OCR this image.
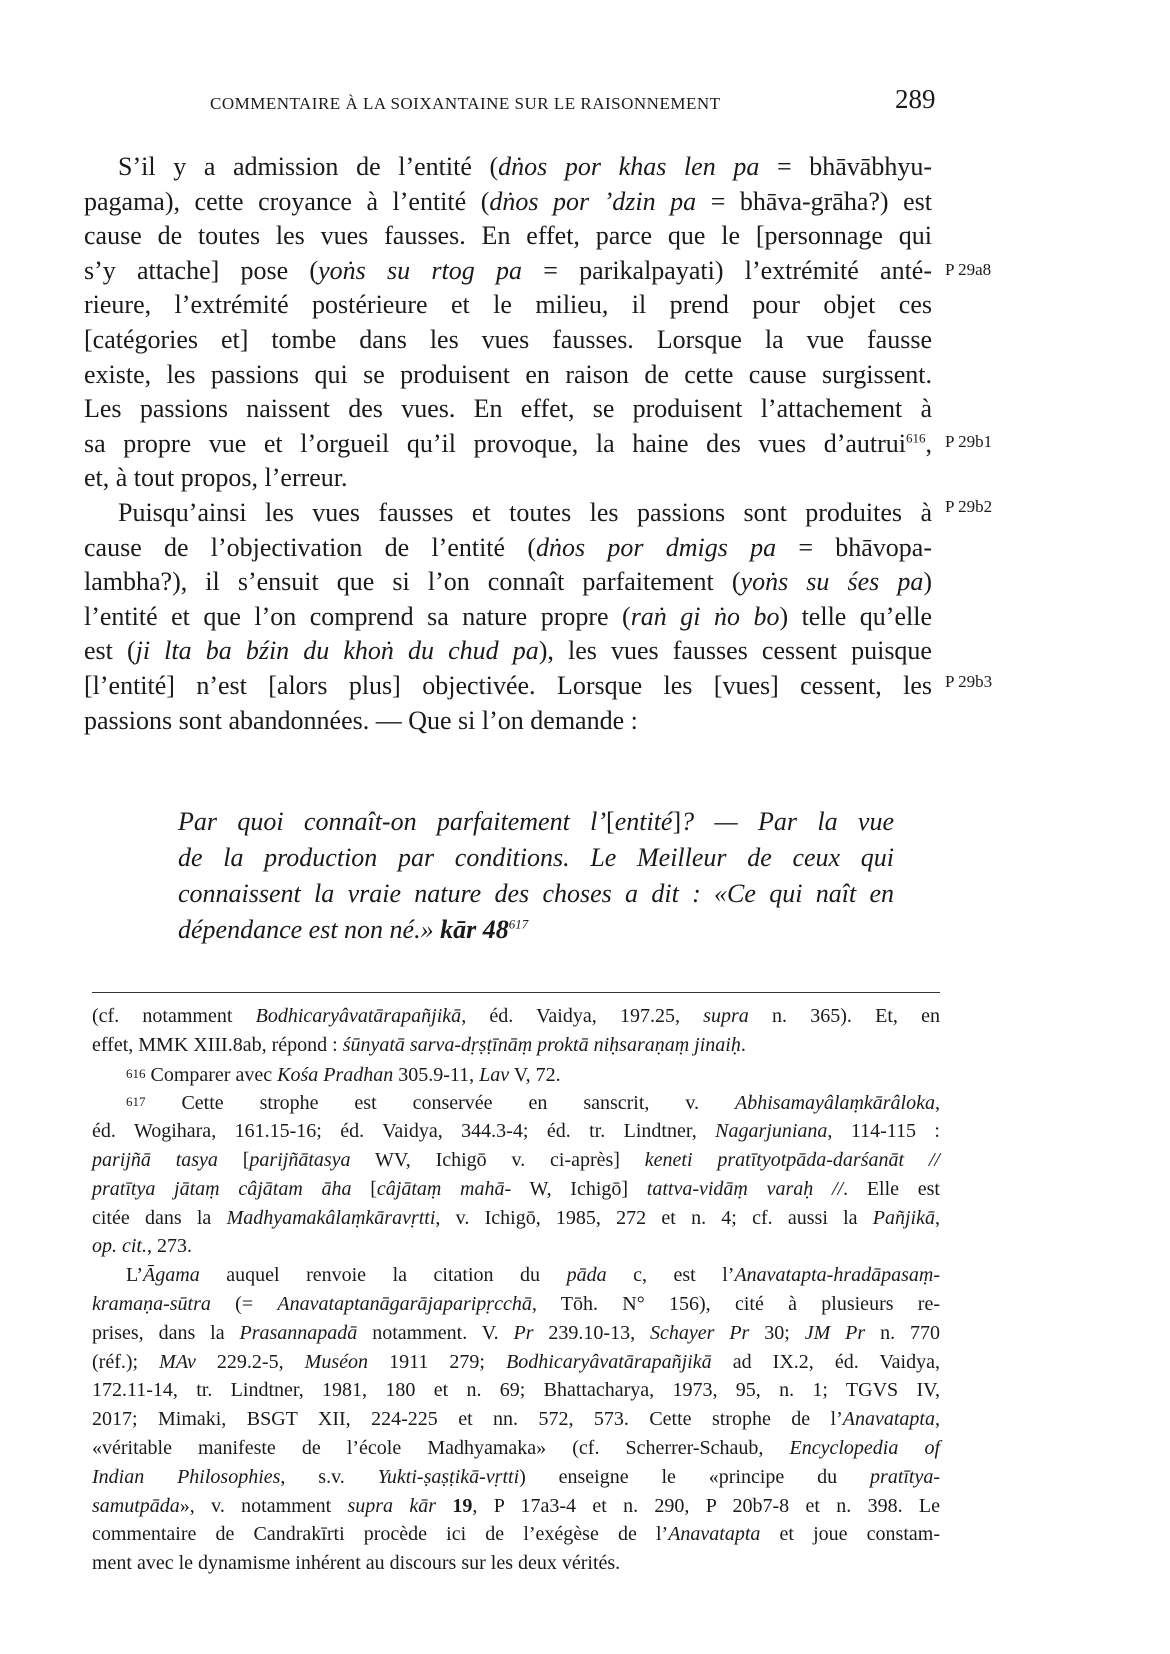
COMMENTAIRE À LA SOIXANTAINE SUR LE RAISONNEMENT	289
S’il y a admission de l’entité (dṅos por khas len pa = bhāvābhyu-
pagama), cette croyance à l’entité (dṅos por ’dzin pa = bhāva-grāha?) est
cause de toutes les vues fausses. En effet, parce que le [personnage qui
s’y attache] pose (yoṅs su rtog pa = parikalpayati) l’extrémité anté-
rieure, l’extrémité postérieure et le milieu, il prend pour objet ces
[catégories et] tombe dans les vues fausses. Lorsque la vue fausse
existe, les passions qui se produisent en raison de cette cause surgissent.
Les passions naissent des vues. En effet, se produisent l’attachement à
sa propre vue et l’orgueil qu’il provoque, la haine des vues d’autrui$^{616}$,
et, à tout propos, l’erreur.
Puisqu’ainsi les vues fausses et toutes les passions sont produites à
cause de l’objectivation de l’entité (dṅos por dmigs pa = bhāvopa-
lambha?), il s’ensuit que si l’on connaît parfaitement (yoṅs su śes pa)
l’entité et que l’on comprend sa nature propre (raṅ gi ṅo bo) telle qu’elle
est (ji lta ba bźin du khoṅ du chud pa), les vues fausses cessent puisque
[l’entité] n’est [alors plus] objectivée. Lorsque les [vues] cessent, les
passions sont abandonnées. — Que si l’on demande :
P 29a8
P 29b1
P 29b2
P 29b3
Par quoi connaît-on parfaitement l’[entité]? — Par la vue
de la production par conditions. Le Meilleur de ceux qui
connaissent la vraie nature des choses a dit : «Ce qui naît en
dépendance est non né.» kār $48^{617}$
(cf. notamment Bodhicaryâvatārapañjikā, éd. Vaidya, 197.25, supra n. 365). Et, en
effet, MMK XIII.8ab, répond : śūnyatā sarva-dṛṣṭīnāṃ proktā niḥsaraṇaṃ jinaiḥ.
616 Comparer avec Kośa Pradhan 305.9-11, Lav V, 72.
617 Cette strophe est conservée en sanscrit, v. Abhisamayâlaṃkārâloka,
éd. Wogihara, 161.15-16; éd. Vaidya, 344.3-4; éd. tr. Lindtner, Nagarjuniana, 114-115 :
parijñā tasya [parijñātasya WV, Ichigō v. ci-après] keneti pratītyotpāda-darśanāt //
pratītya jātaṃ câjātam āha [câjātaṃ mahā- W, Ichigō] tattva-vidāṃ varaḥ //. Elle est
citée dans la Madhyamakâlaṃkāravṛtti, v. Ichigō, 1985, 272 et n. 4; cf. aussi la Pañjikā,
op. cit., 273.
L’Āgama auquel renvoie la citation du pāda c, est l’Anavatapta-hradāpasaṃ-
kramaṇa-sūtra (= Anavataptanāgarājaparipṛcchā, Tōh. N° 156), cité à plusieurs re-
prises, dans la Prasannapadā notamment. V. Pr 239.10-13, Schayer Pr 30; JM Pr n. 770
(réf.); MAv 229.2-5, Muséon 1911 279; Bodhicaryâvatārapañjikā ad IX.2, éd. Vaidya,
172.11-14, tr. Lindtner, 1981, 180 et n. 69; Bhattacharya, 1973, 95, n. 1; TGVS IV,
2017; Mimaki, BSGT XII, 224-225 et nn. 572, 573. Cette strophe de l’Anavatapta,
«véritable manifeste de l’école Madhyamaka» (cf. Scherrer-Schaub, Encyclopedia of
Indian Philosophies, s.v. Yukti-ṣaṣṭikā-vṛtti) enseigne le «principe du pratītya-
samutpāda», v. notamment supra kār 19, P 17a3-4 et n. 290, P 20b7-8 et n. 398. Le
commentaire de Candrakīrti procède ici de l’exégèse de l’Anavatapta et joue constam-
ment avec le dynamisme inhérent au discours sur les deux vérités.
